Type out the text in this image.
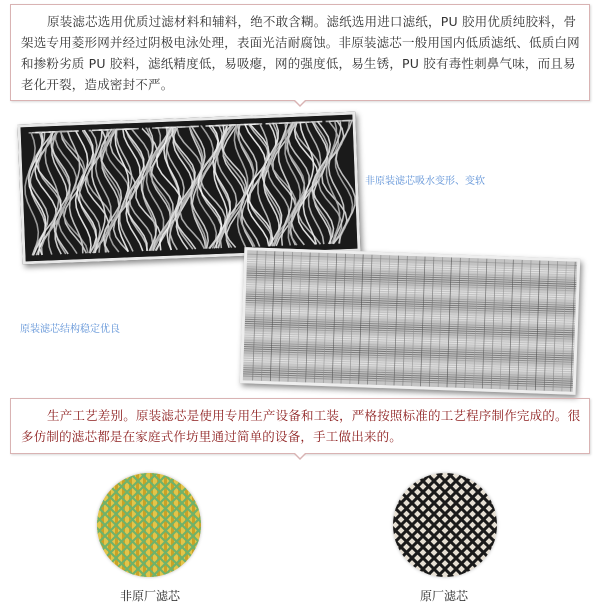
原装滤芯选用优质过滤材料和辅料，绝不敢含糊。滤纸选用进口滤纸，PU 胶用优质纯胶料，骨架选专用菱形网并经过阴极电泳处理，表面光洁耐腐蚀。非原装滤芯一般用国内低质滤纸、低质白网和掺粉劣质 PU 胶料，滤纸精度低，易吸瘪，网的强度低，易生锈，PU 胶有毒性刺鼻气味，而且易老化开裂，造成密封不严。
非原装滤芯吸水变形、变软
原装滤芯结构稳定优良
生产工艺差别。原装滤芯是使用专用生产设备和工装，严格按照标准的工艺程序制作完成的。很多仿制的滤芯都是在家庭式作坊里通过简单的设备，手工做出来的。
非原厂滤芯	原厂滤芯
